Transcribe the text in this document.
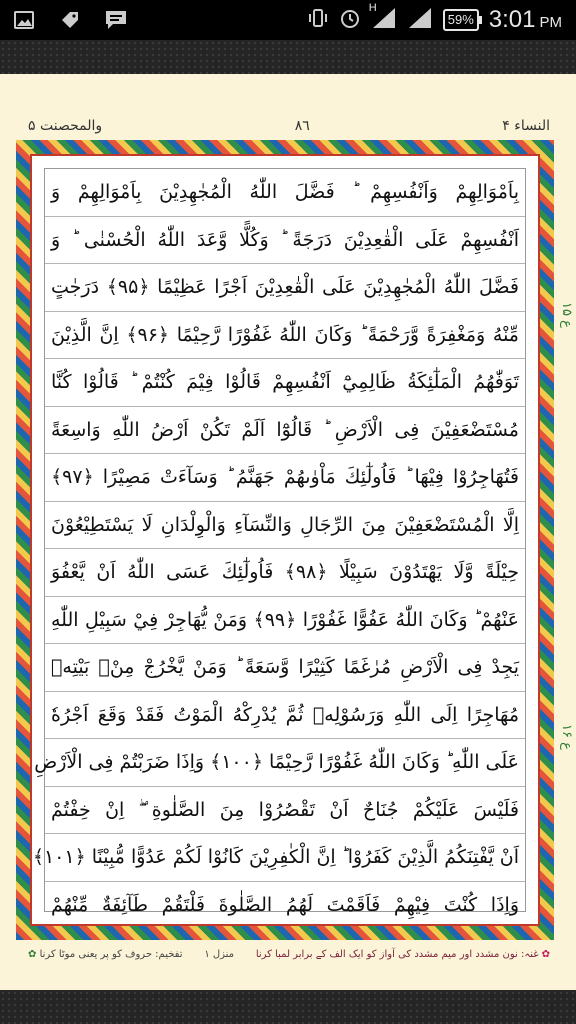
H
59% 3:01 PM
والمحصنت ۵	۸٦	النساء ۴
ع ۱۵
ع ۱۶
بِاَمْوَالِهِمْ وَاَنْفُسِهِمْ ؕ فَضَّلَ اللّٰهُ الْمُجٰهِدِيْنَ بِاَمْوَالِهِمْ وَ
اَنْفُسِهِمْ عَلَى الْقٰعِدِيْنَ دَرَجَةً ؕ وَكُلًّا وَّعَدَ اللّٰهُ الْحُسْنٰى ؕ وَ
فَضَّلَ اللّٰهُ الْمُجٰهِدِيْنَ عَلَى الْقٰعِدِيْنَ اَجْرًا عَظِيْمًا ﴿۹۵﴾ دَرَجٰتٍ
مِّنْهُ وَمَغْفِرَةً وَّرَحْمَةً ؕ وَكَانَ اللّٰهُ غَفُوْرًا رَّحِيْمًا ﴿۹۶﴾ اِنَّ الَّذِيْنَ
تَوَفّٰهُمُ الْمَلٰٓئِكَةُ ظَالِمِيْٓ اَنْفُسِهِمْ قَالُوْا فِيْمَ كُنْتُمْ ؕ قَالُوْا كُنَّا
مُسْتَضْعَفِيْنَ فِى الْاَرْضِ ؕ قَالُوْٓا اَلَمْ تَكُنْ اَرْضُ اللّٰهِ وَاسِعَةً
فَتُهَاجِرُوْا فِيْهَا ؕ فَاُولٰٓئِكَ مَاْوٰىهُمْ جَهَنَّمُ ؕ وَسَآءَتْ مَصِيْرًا ﴿۹۷﴾
اِلَّا الْمُسْتَضْعَفِيْنَ مِنَ الرِّجَالِ وَالنِّسَآءِ وَالْوِلْدَانِ لَا يَسْتَطِيْعُوْنَ
حِيْلَةً وَّلَا يَهْتَدُوْنَ سَبِيْلًا ﴿۹۸﴾ فَاُولٰٓئِكَ عَسَى اللّٰهُ اَنْ يَّعْفُوَ
عَنْهُمْ ؕ وَكَانَ اللّٰهُ عَفُوًّا غَفُوْرًا ﴿۹۹﴾ وَمَنْ يُّهَاجِرْ فِيْ سَبِيْلِ اللّٰهِ
يَجِدْ فِى الْاَرْضِ مُرٰغَمًا كَثِيْرًا وَّسَعَةً ؕ وَمَنْ يَّخْرُجْ مِنْۢ بَيْتِهٖ
مُهَاجِرًا اِلَى اللّٰهِ وَرَسُوْلِهٖ ثُمَّ يُدْرِكْهُ الْمَوْتُ فَقَدْ وَقَعَ اَجْرُهٗ
عَلَى اللّٰهِ ؕ وَكَانَ اللّٰهُ غَفُوْرًا رَّحِيْمًا ﴿۱۰۰﴾ وَاِذَا ضَرَبْتُمْ فِى الْاَرْضِ
فَلَيْسَ عَلَيْكُمْ جُنَاحٌ اَنْ تَقْصُرُوْا مِنَ الصَّلٰوةِ ۖ اِنْ خِفْتُمْ
اَنْ يَّفْتِنَكُمُ الَّذِيْنَ كَفَرُوْا ؕ اِنَّ الْكٰفِرِيْنَ كَانُوْا لَكُمْ عَدُوًّا مُّبِيْنًا ﴿۱۰۱﴾
وَاِذَا كُنْتَ فِيْهِمْ فَاَقَمْتَ لَهُمُ الصَّلٰوةَ فَلْتَقُمْ طَآئِفَةٌ مِّنْهُمْ
✿ غنہ: نون مشدد اور میم مشدد کی آواز کو ایک الف کے برابر لمبا کرنا
منزل ۱
تفخیم: حروف کو پر یعنی موٹا کرنا ✿
